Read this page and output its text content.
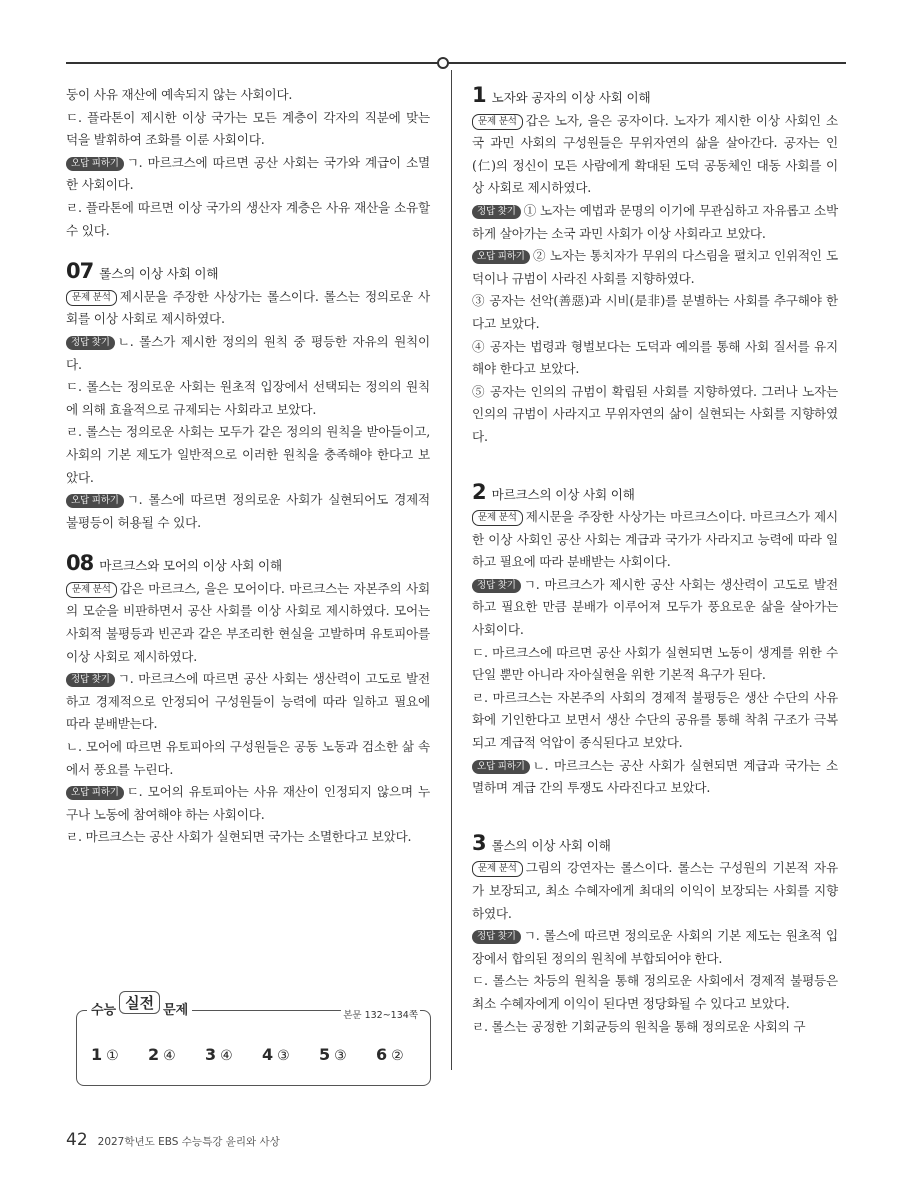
둥이 사유 재산에 예속되지 않는 사회이다.

ㄷ. 플라톤이 제시한 이상 국가는 모든 계층이 각자의 직분에 맞는 덕을 발휘하여 조화를 이룬 사회이다.

오답 피하기 ㄱ. 마르크스에 따르면 공산 사회는 국가와 계급이 소멸한 사회이다.

ㄹ. 플라톤에 따르면 이상 국가의 생산자 계층은 사유 재산을 소유할 수 있다.

07 롤스의 이상 사회 이해

문제 분석 제시문을 주장한 사상가는 롤스이다. 롤스는 정의로운 사회를 이상 사회로 제시하였다.

정답 찾기 ㄴ. 롤스가 제시한 정의의 원칙 중 평등한 자유의 원칙이다.

ㄷ. 롤스는 정의로운 사회는 원초적 입장에서 선택되는 정의의 원칙에 의해 효율적으로 규제되는 사회라고 보았다.

ㄹ. 롤스는 정의로운 사회는 모두가 같은 정의의 원칙을 받아들이고, 사회의 기본 제도가 일반적으로 이러한 원칙을 충족해야 한다고 보았다.

오답 피하기 ㄱ. 롤스에 따르면 정의로운 사회가 실현되어도 경제적 불평등이 허용될 수 있다.

08 마르크스와 모어의 이상 사회 이해

문제 분석 갑은 마르크스, 을은 모어이다. 마르크스는 자본주의 사회의 모순을 비판하면서 공산 사회를 이상 사회로 제시하였다. 모어는 사회적 불평등과 빈곤과 같은 부조리한 현실을 고발하며 유토피아를 이상 사회로 제시하였다.

정답 찾기 ㄱ. 마르크스에 따르면 공산 사회는 생산력이 고도로 발전하고 경제적으로 안정되어 구성원들이 능력에 따라 일하고 필요에 따라 분배받는다.

ㄴ. 모어에 따르면 유토피아의 구성원들은 공동 노동과 검소한 삶 속에서 풍요를 누린다.

오답 피하기 ㄷ. 모어의 유토피아는 사유 재산이 인정되지 않으며 누구나 노동에 참여해야 하는 사회이다.

ㄹ. 마르크스는 공산 사회가 실현되면 국가는 소멸한다고 보았다.

1 노자와 공자의 이상 사회 이해

문제 분석 갑은 노자, 을은 공자이다. 노자가 제시한 이상 사회인 소국 과민 사회의 구성원들은 무위자연의 삶을 살아간다. 공자는 인(仁)의 정신이 모든 사람에게 확대된 도덕 공동체인 대동 사회를 이상 사회로 제시하였다.

정답 찾기 ① 노자는 예법과 문명의 이기에 무관심하고 자유롭고 소박하게 살아가는 소국 과민 사회가 이상 사회라고 보았다.

오답 피하기 ② 노자는 통치자가 무위의 다스림을 펼치고 인위적인 도덕이나 규범이 사라진 사회를 지향하였다.

③ 공자는 선악(善惡)과 시비(是非)를 분별하는 사회를 추구해야 한다고 보았다.

④ 공자는 법령과 형벌보다는 도덕과 예의를 통해 사회 질서를 유지해야 한다고 보았다.

⑤ 공자는 인의의 규범이 확립된 사회를 지향하였다. 그러나 노자는 인의의 규범이 사라지고 무위자연의 삶이 실현되는 사회를 지향하였다.

2 마르크스의 이상 사회 이해

문제 분석 제시문을 주장한 사상가는 마르크스이다. 마르크스가 제시한 이상 사회인 공산 사회는 계급과 국가가 사라지고 능력에 따라 일하고 필요에 따라 분배받는 사회이다.

정답 찾기 ㄱ. 마르크스가 제시한 공산 사회는 생산력이 고도로 발전하고 필요한 만큼 분배가 이루어져 모두가 풍요로운 삶을 살아가는 사회이다.

ㄷ. 마르크스에 따르면 공산 사회가 실현되면 노동이 생계를 위한 수단일 뿐만 아니라 자아실현을 위한 기본적 욕구가 된다.

ㄹ. 마르크스는 자본주의 사회의 경제적 불평등은 생산 수단의 사유화에 기인한다고 보면서 생산 수단의 공유를 통해 착취 구조가 극복되고 계급적 억압이 종식된다고 보았다.

오답 피하기 ㄴ. 마르크스는 공산 사회가 실현되면 계급과 국가는 소멸하며 계급 간의 투쟁도 사라진다고 보았다.

3 롤스의 이상 사회 이해

문제 분석 그림의 강연자는 롤스이다. 롤스는 구성원의 기본적 자유가 보장되고, 최소 수혜자에게 최대의 이익이 보장되는 사회를 지향하였다.

정답 찾기 ㄱ. 롤스에 따르면 정의로운 사회의 기본 제도는 원초적 입장에서 합의된 정의의 원칙에 부합되어야 한다.

ㄷ. 롤스는 차등의 원칙을 통해 정의로운 사회에서 경제적 불평등은 최소 수혜자에게 이익이 된다면 정당화될 수 있다고 보았다.

ㄹ. 롤스는 공정한 기회균등의 원칙을 통해 정의로운 사회의 구

수능 실전 문제	본문 132~134쪽
1 ①	2 ④	3 ④	4 ③	5 ③	6 ②
42 2027학년도 EBS 수능특강 윤리와 사상
